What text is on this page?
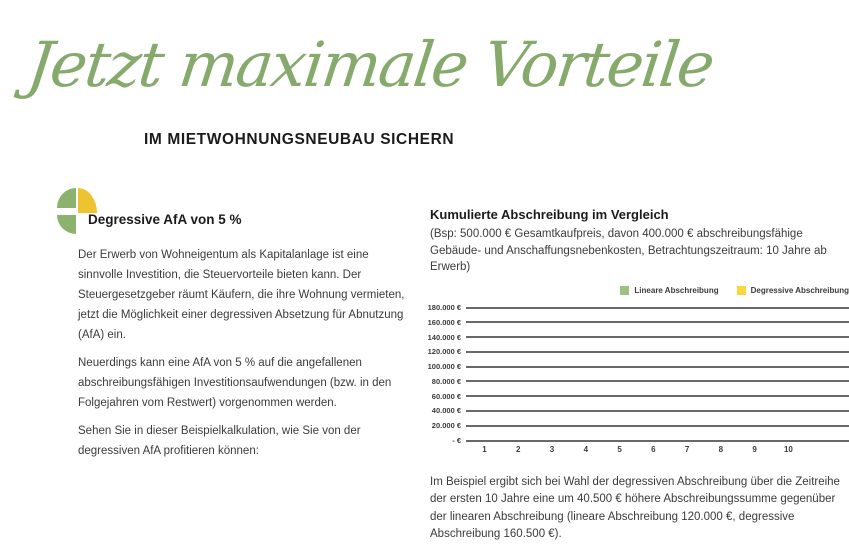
Jetzt maximale Vorteile
IM MIETWOHNUNGSNEUBAU SICHERN
Degressive AfA von 5 %

Der Erwerb von Wohneigentum als Kapitalanlage ist eine sinnvolle Investition, die Steuervorteile bieten kann. Der Steuergesetzgeber räumt Käufern, die ihre Wohnung vermieten, jetzt die Möglichkeit einer degressiven Absetzung für Abnutzung (AfA) ein.

Neuerdings kann eine AfA von 5 % auf die angefallenen abschreibungsfähigen Investitionsaufwendungen (bzw. in den Folgejahren vom Restwert) vorgenommen werden.

Sehen Sie in dieser Beispielkalkulation, wie Sie von der degressiven AfA profitieren können:

Kumulierte Abschreibung im Vergleich
(Bsp: 500.000 € Gesamtkaufpreis, davon 400.000 € abschreibungsfähige Gebäude- und Anschaffungsnebenkosten, Betrachtungszeitraum: 10 Jahre ab Erwerb)
Lineare Abschreibung	Degressive Abschreibung
- €
20.000 €
40.000 €
60.000 €
80.000 €
100.000 €
120.000 €
140.000 €
160.000 €
180.000 €
1	2	3	4	5	6	7	8	9	10
Im Beispiel ergibt sich bei Wahl der degressiven Abschreibung über die Zeitreihe der ersten 10 Jahre eine um 40.500 € höhere Abschreibungssumme gegenüber der linearen Abschreibung (lineare Abschreibung 120.000 €, degressive Abschreibung 160.500 €).
